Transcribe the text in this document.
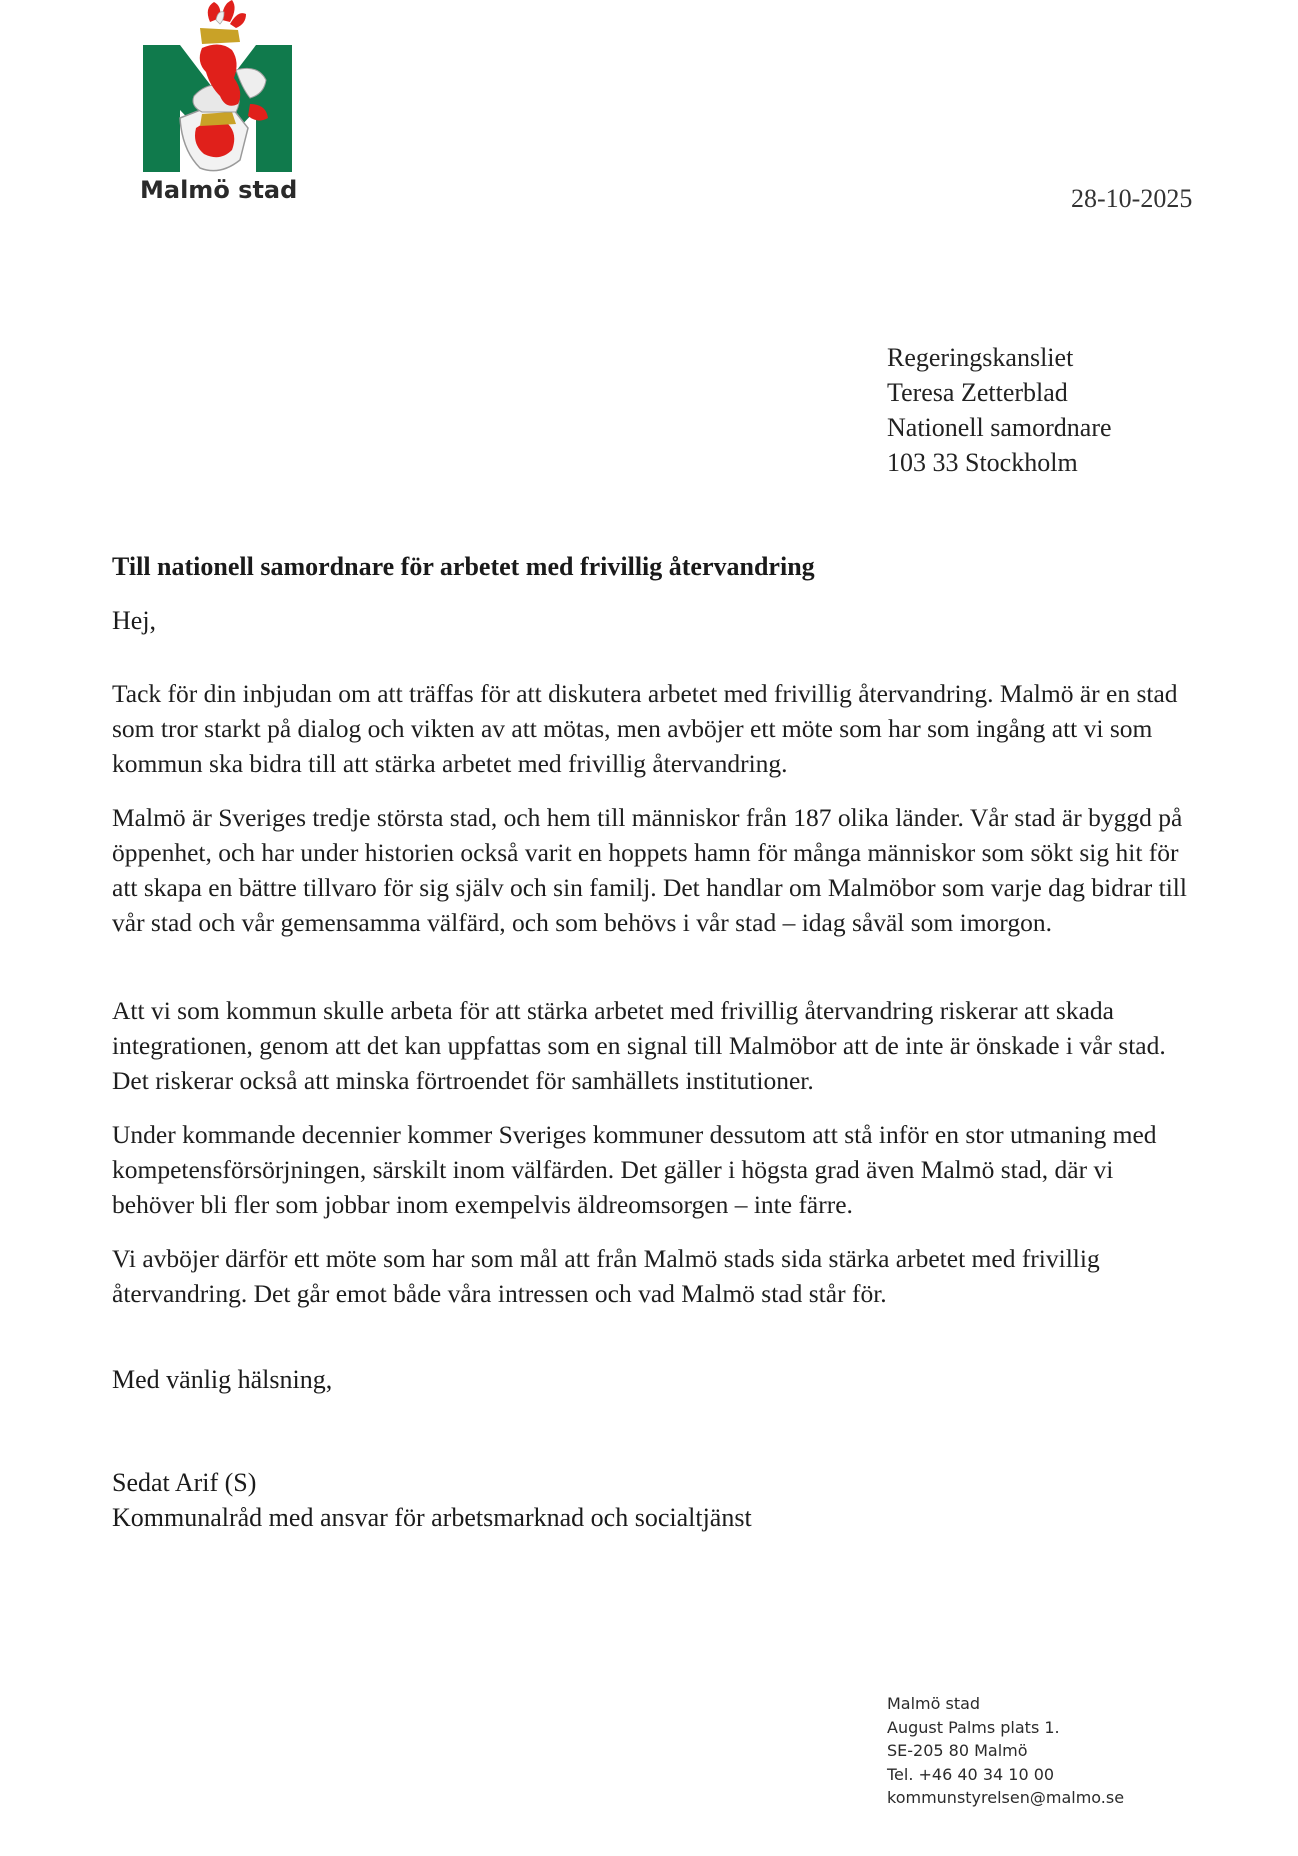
Malmö stad	28-10-2025
Regeringskansliet
Teresa Zetterblad
Nationell samordnare
103 33 Stockholm
Till nationell samordnare för arbetet med frivillig återvandring
Hej,
Tack för din inbjudan om att träffas för att diskutera arbetet med frivillig återvandring. Malmö är en stad som tror starkt på dialog och vikten av att mötas, men avböjer ett möte som har som ingång att vi som kommun ska bidra till att stärka arbetet med frivillig återvandring.
Malmö är Sveriges tredje största stad, och hem till människor från 187 olika länder. Vår stad är byggd på öppenhet, och har under historien också varit en hoppets hamn för många människor som sökt sig hit för att skapa en bättre tillvaro för sig själv och sin familj. Det handlar om Malmöbor som varje dag bidrar till vår stad och vår gemensamma välfärd, och som behövs i vår stad – idag såväl som imorgon.
Att vi som kommun skulle arbeta för att stärka arbetet med frivillig återvandring riskerar att skada integrationen, genom att det kan uppfattas som en signal till Malmöbor att de inte är önskade i vår stad. Det riskerar också att minska förtroendet för samhällets institutioner.
Under kommande decennier kommer Sveriges kommuner dessutom att stå inför en stor utmaning med kompetensförsörjningen, särskilt inom välfärden. Det gäller i högsta grad även Malmö stad, där vi behöver bli fler som jobbar inom exempelvis äldreomsorgen – inte färre.
Vi avböjer därför ett möte som har som mål att från Malmö stads sida stärka arbetet med frivillig återvandring. Det går emot både våra intressen och vad Malmö stad står för.
Med vänlig hälsning,
Sedat Arif (S)
Kommunalråd med ansvar för arbetsmarknad och socialtjänst
Malmö stad
August Palms plats 1.
SE-205 80 Malmö
Tel. +46 40 34 10 00
kommunstyrelsen@malmo.se
